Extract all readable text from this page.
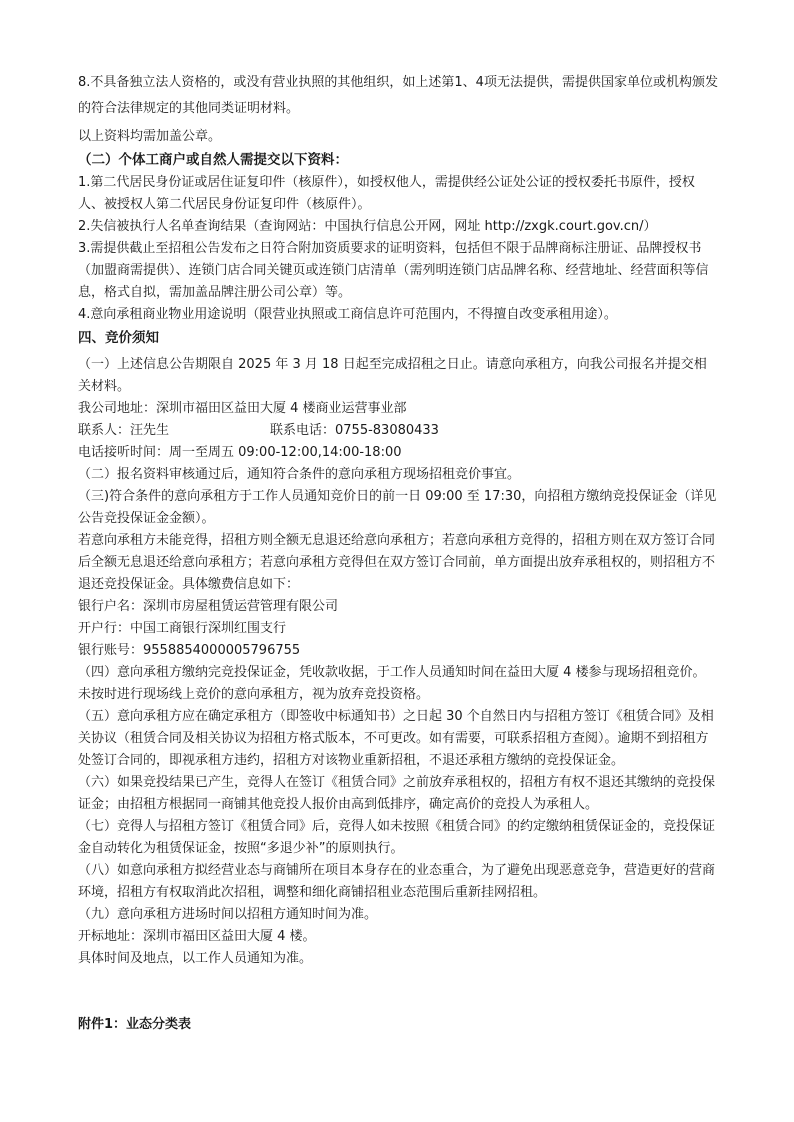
8.不具备独立法人资格的，或没有营业执照的其他组织，如上述第1、4项无法提供，需提供国家单位或机构颁发的符合法律规定的其他同类证明材料。

以上资料均需加盖公章。

（二）个体工商户或自然人需提交以下资料：

1.第二代居民身份证或居住证复印件（核原件），如授权他人，需提供经公证处公证的授权委托书原件，授权人、被授权人第二代居民身份证复印件（核原件）。

2.失信被执行人名单查询结果（查询网站：中国执行信息公开网，网址 http://zxgk.court.gov.cn/）

3.需提供截止至招租公告发布之日符合附加资质要求的证明资料，包括但不限于品牌商标注册证、品牌授权书（加盟商需提供）、连锁门店合同关键页或连锁门店清单（需列明连锁门店品牌名称、经营地址、经营面积等信息，格式自拟，需加盖品牌注册公司公章）等。

4.意向承租商业物业用途说明（限营业执照或工商信息许可范围内，不得擅自改变承租用途）。

四、竞价须知

（一）上述信息公告期限自 2025 年 3 月 18 日起至完成招租之日止。请意向承租方，向我公司报名并提交相关材料。

我公司地址：深圳市福田区益田大厦 4 楼商业运营事业部

联系人：汪先生	联系电话：0755-83080433

电话接听时间：周一至周五 09:00-12:00,14:00-18:00

（二）报名资料审核通过后，通知符合条件的意向承租方现场招租竞价事宜。

（三)符合条件的意向承租方于工作人员通知竞价日的前一日 09:00 至 17:30，向招租方缴纳竞投保证金（详见公告竞投保证金金额）。

若意向承租方未能竞得，招租方则全额无息退还给意向承租方；若意向承租方竞得的，招租方则在双方签订合同后全额无息退还给意向承租方；若意向承租方竞得但在双方签订合同前，单方面提出放弃承租权的，则招租方不退还竞投保证金。具体缴费信息如下：

银行户名：深圳市房屋租赁运营管理有限公司

开户行：中国工商银行深圳红围支行

银行账号：9558854000005796755

（四）意向承租方缴纳完竞投保证金，凭收款收据，于工作人员通知时间在益田大厦 4 楼参与现场招租竞价。未按时进行现场线上竞价的意向承租方，视为放弃竞投资格。

（五）意向承租方应在确定承租方（即签收中标通知书）之日起 30 个自然日内与招租方签订《租赁合同》及相关协议（租赁合同及相关协议为招租方格式版本，不可更改。如有需要，可联系招租方查阅）。逾期不到招租方处签订合同的，即视承租方违约，招租方对该物业重新招租，不退还承租方缴纳的竞投保证金。

（六）如果竞投结果已产生，竞得人在签订《租赁合同》之前放弃承租权的，招租方有权不退还其缴纳的竞投保证金；由招租方根据同一商铺其他竞投人报价由高到低排序，确定高价的竞投人为承租人。

（七）竞得人与招租方签订《租赁合同》后，竞得人如未按照《租赁合同》的约定缴纳租赁保证金的，竞投保证金自动转化为租赁保证金，按照“多退少补”的原则执行。

（八）如意向承租方拟经营业态与商铺所在项目本身存在的业态重合，为了避免出现恶意竞争，营造更好的营商环境，招租方有权取消此次招租，调整和细化商铺招租业态范围后重新挂网招租。

（九）意向承租方进场时间以招租方通知时间为准。

开标地址：深圳市福田区益田大厦 4 楼。

具体时间及地点，以工作人员通知为准。

附件1：业态分类表
